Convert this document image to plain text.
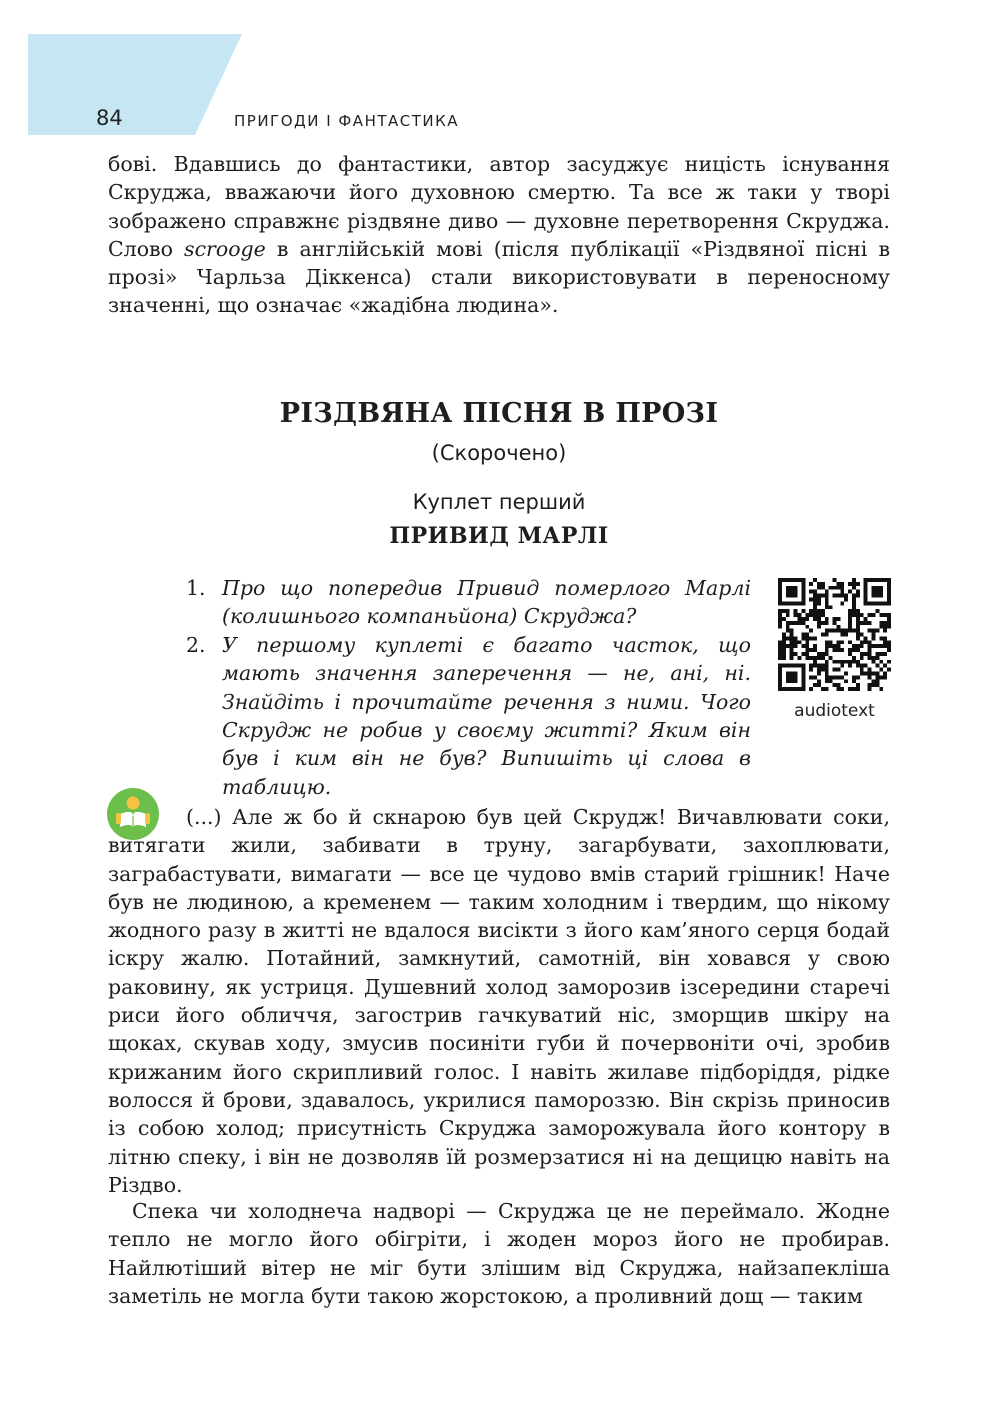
84	ПРИГОДИ І ФАНТАСТИКА

бові. Вдавшись до фантастики, автор засуджує ницість існування Скруджа, вважаючи його духовною смертю. Та все ж таки у творі зображено справжнє різдвяне диво — духовне перетворення Скруджа. Слово scrooge в англійській мові (після публікації «Різдвяної пісні в прозі» Чарльза Діккенса) стали використовувати в переносному значенні, що означає «жадібна людина».

РІЗДВЯНА ПІСНЯ В ПРОЗІ
(Скорочено)
Куплет перший
ПРИВИД МАРЛІ
1. Про що попередив Привид померлого Марлі (колишнього компаньйона) Скруджа?
2. У першому куплеті є багато часток, що мають значення заперечення — не, ані, ні. Знайдіть і прочитайте речення з ними. Чого Скрудж не робив у своєму житті? Яким він був і ким він не був? Випишіть ці слова в таблицю.
audiotext

(...) Але ж бо й скнарою був цей Скрудж! Вичавлювати соки, витягати жили, забивати в труну, загарбувати, захоплювати, заграбастувати, вимагати — все це чудово вмів старий грішник! Наче був не людиною, а кременем — таким холодним і твердим, що нікому жодного разу в житті не вдалося висікти з його кам’яного серця бодай іскру жалю. Потайний, замкнутий, самотній, він ховався у свою раковину, як устриця. Душевний холод заморозив ізсередини старечі риси його обличчя, загострив гачкуватий ніс, зморщив шкіру на щоках, скував ходу, змусив посиніти губи й почервоніти очі, зробив крижаним його скрипливий голос. І навіть жилаве підборіддя, рідке волосся й брови, здавалось, укрилися памороззю. Він скрізь приносив із собою холод; присутність Скруджа заморожувала його контору в літню спеку, і він не дозволяв їй розмерзатися ні на дещицю навіть на Різдво.

Спека чи холоднеча надворі — Скруджа це не переймало. Жодне тепло не могло його обігріти, і жоден мороз його не пробирав. Найлютіший вітер не міг бути злішим від Скруджа, найзапекліша заметіль не могла бути такою жорстокою, а проливний дощ — таким
